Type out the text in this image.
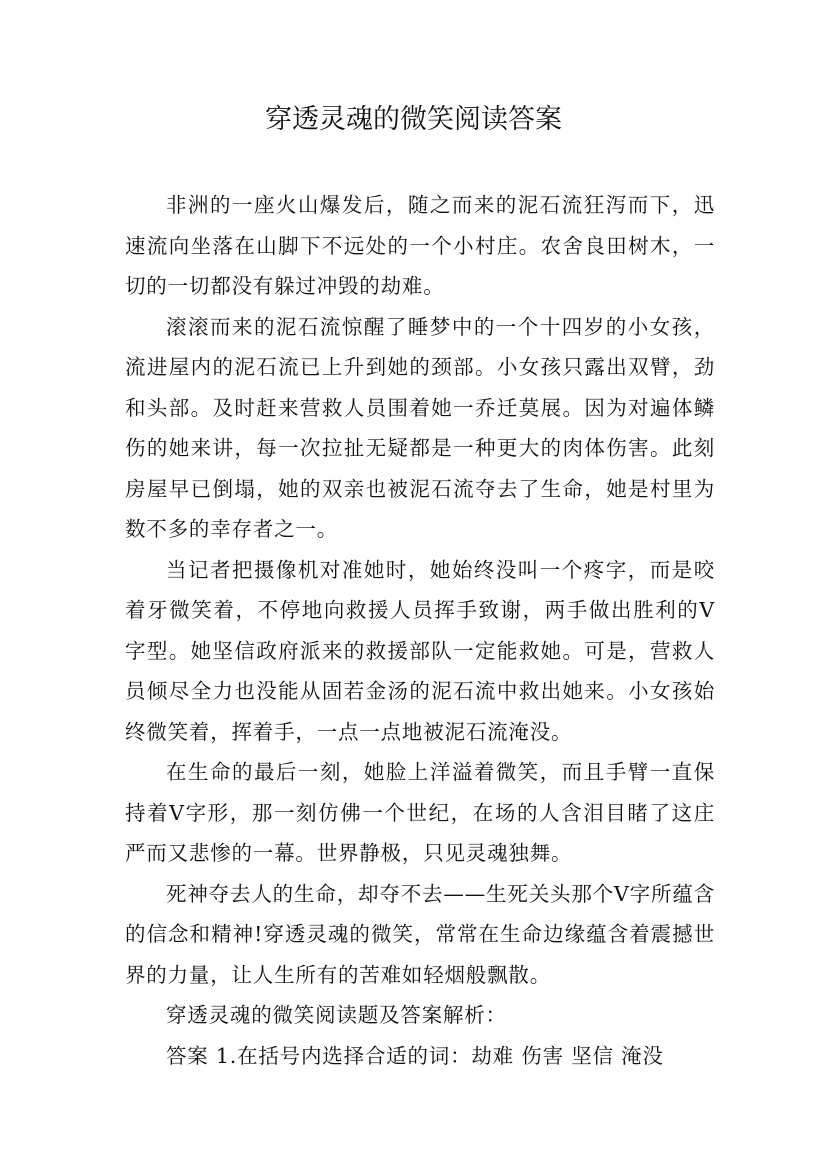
穿透灵魂的微笑阅读答案

非洲的一座火山爆发后，随之而来的泥石流狂泻而下，迅速流向坐落在山脚下不远处的一个小村庄。农舍良田树木，一切的一切都没有躲过冲毁的劫难。

滚滚而来的泥石流惊醒了睡梦中的一个十四岁的小女孩，流进屋内的泥石流已上升到她的颈部。小女孩只露出双臂，劲和头部。及时赶来营救人员围着她一乔迁莫展。因为对遍体鳞伤的她来讲，每一次拉扯无疑都是一种更大的肉体伤害。此刻房屋早已倒塌，她的双亲也被泥石流夺去了生命，她是村里为数不多的幸存者之一。

当记者把摄像机对准她时，她始终没叫一个疼字，而是咬着牙微笑着，不停地向救援人员挥手致谢，两手做出胜利的V字型。她坚信政府派来的救援部队一定能救她。可是，营救人员倾尽全力也没能从固若金汤的泥石流中救出她来。小女孩始终微笑着，挥着手，一点一点地被泥石流淹没。

在生命的最后一刻，她脸上洋溢着微笑，而且手臂一直保持着V字形，那一刻仿佛一个世纪，在场的人含泪目睹了这庄严而又悲惨的一幕。世界静极，只见灵魂独舞。

死神夺去人的生命，却夺不去——生死关头那个V字所蕴含的信念和精神!穿透灵魂的微笑，常常在生命边缘蕴含着震撼世界的力量，让人生所有的苦难如轻烟般飘散。

穿透灵魂的微笑阅读题及答案解析：

答案 1.在括号内选择合适的词：劫难 伤害 坚信 淹没
